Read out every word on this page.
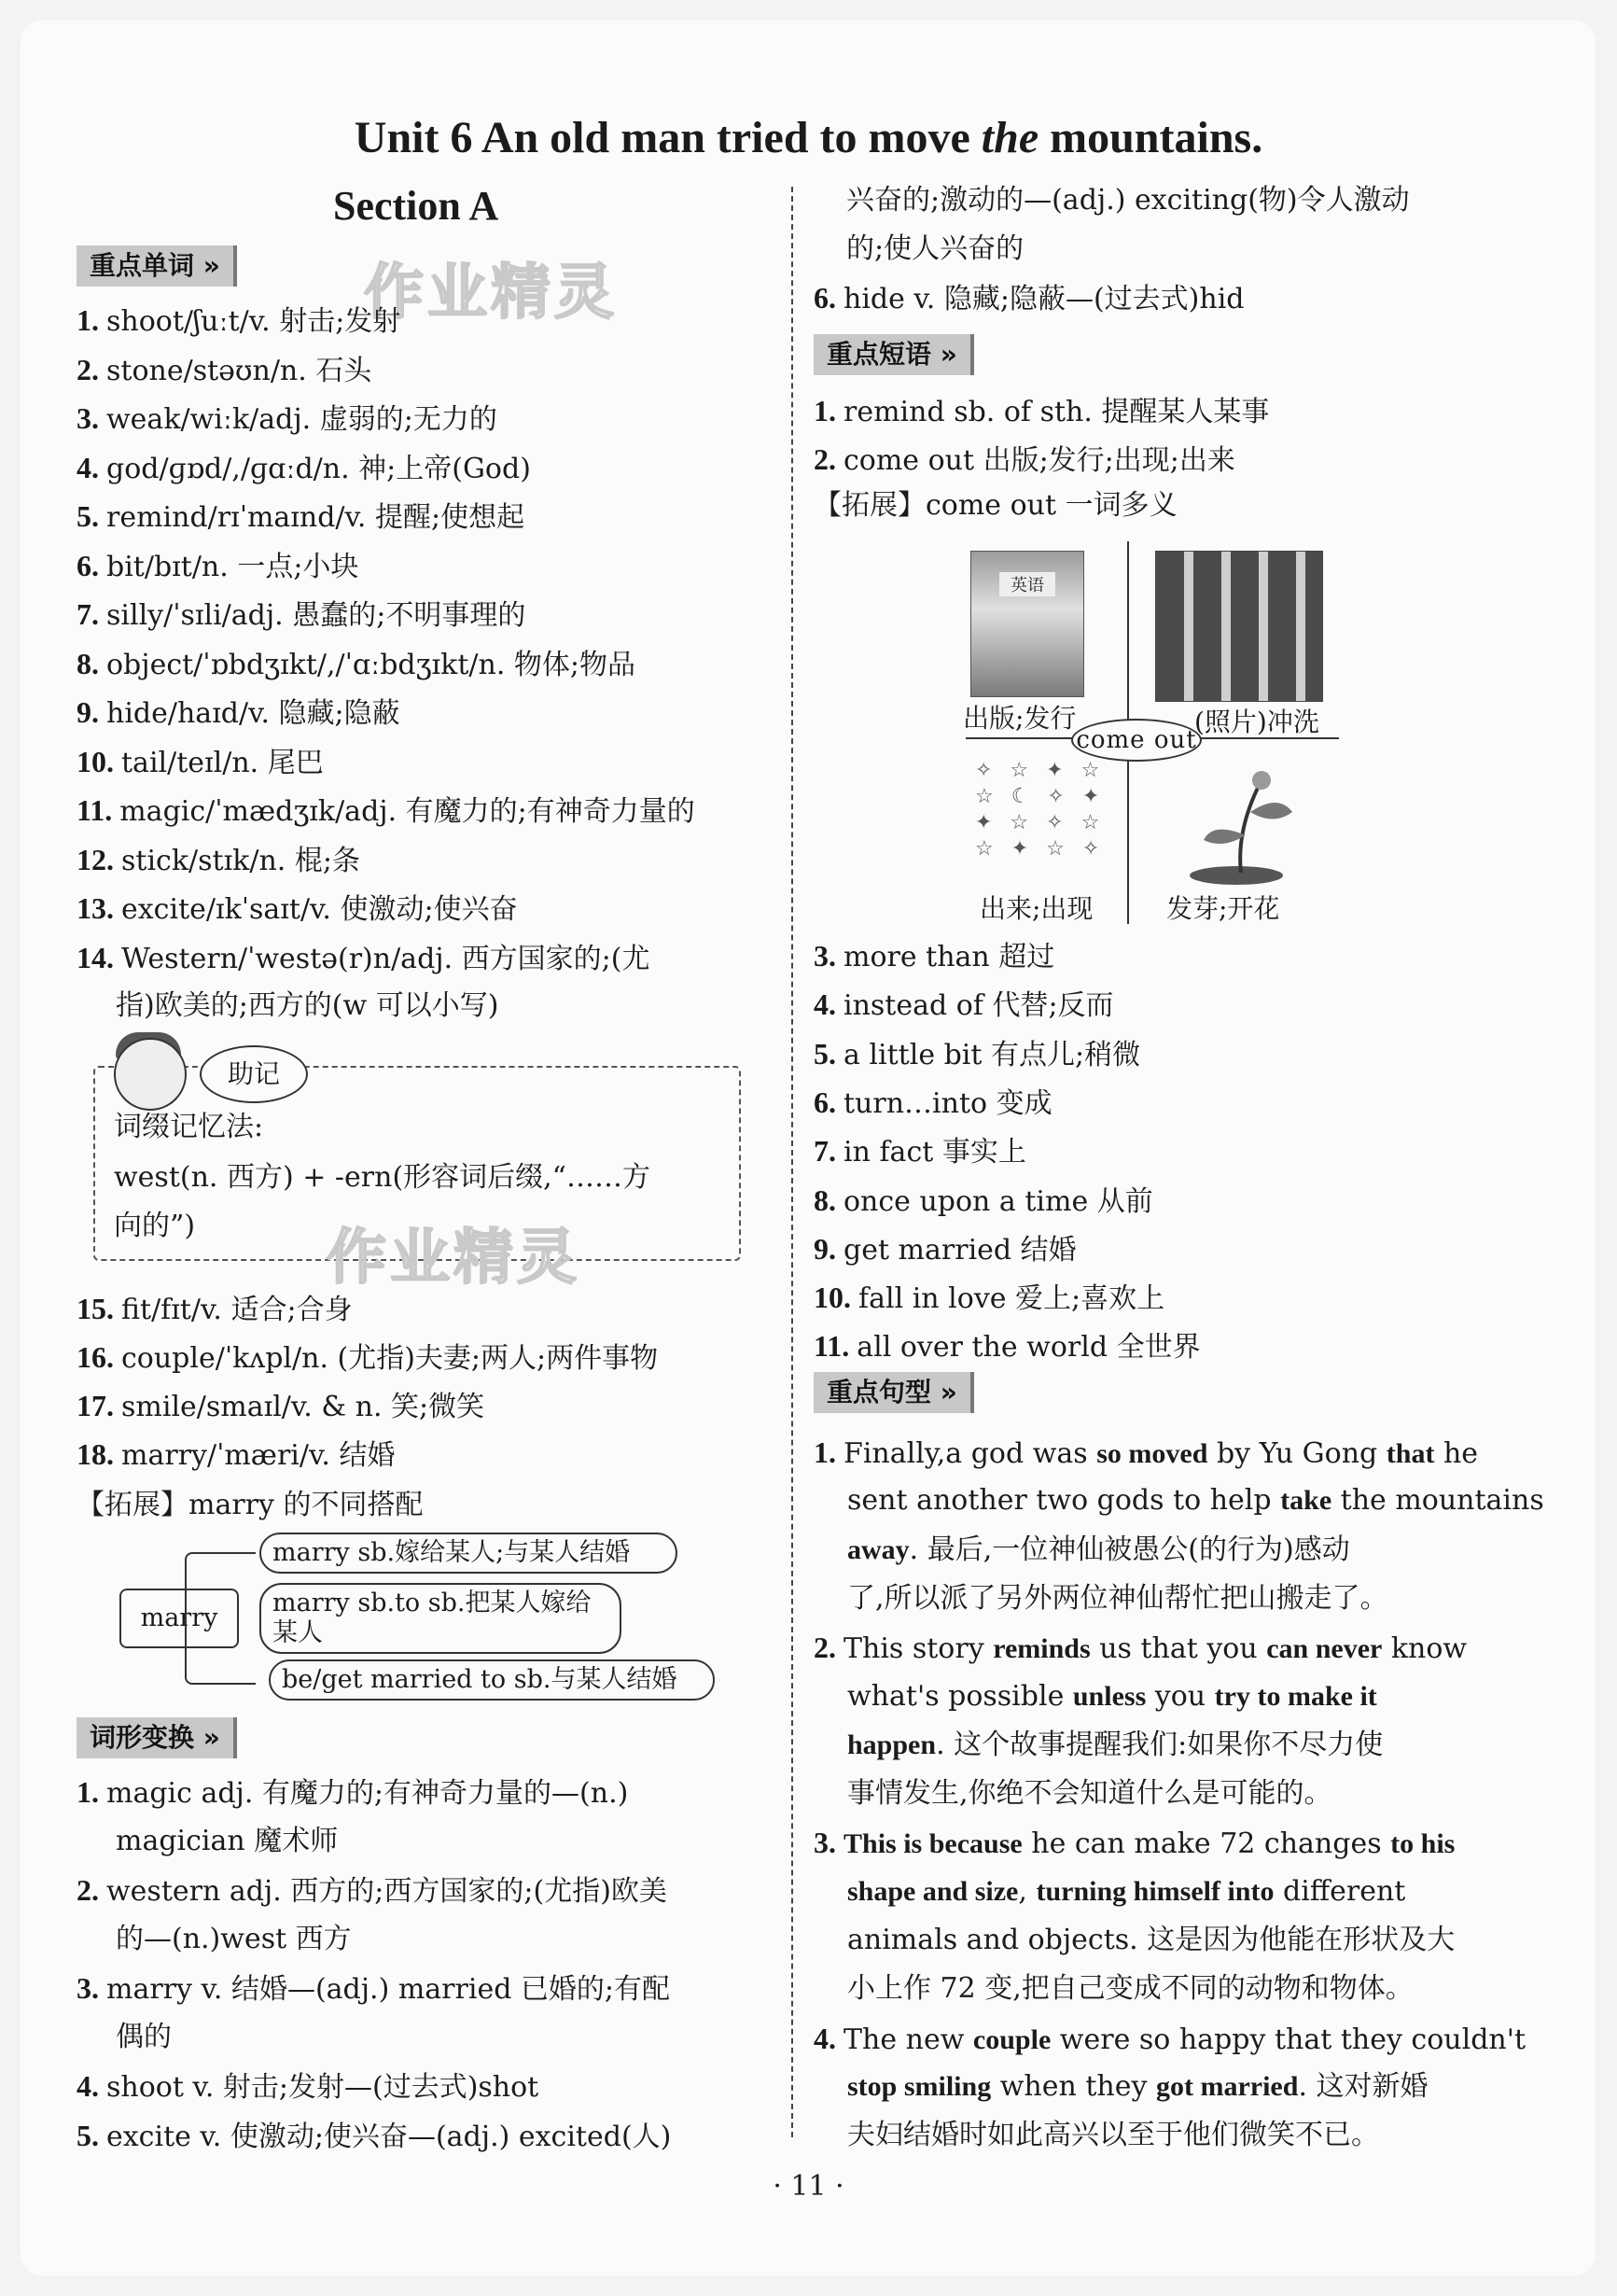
Unit 6 An old man tried to move the mountains.
Section A
重点单词 » 作业精灵
1. shoot/ʃuːt/v. 射击;发射
2. stone/stəʊn/n. 石头
3. weak/wiːk/adj. 虚弱的;无力的
4. god/ɡɒd/,/ɡɑːd/n. 神;上帝(God)
5. remind/rɪˈmaɪnd/v. 提醒;使想起
6. bit/bɪt/n. 一点;小块
7. silly/ˈsɪli/adj. 愚蠢的;不明事理的
8. object/ˈɒbdʒɪkt/,/ˈɑːbdʒɪkt/n. 物体;物品
9. hide/haɪd/v. 隐藏;隐蔽
10. tail/teɪl/n. 尾巴
11. magic/ˈmædʒɪk/adj. 有魔力的;有神奇力量的
12. stick/stɪk/n. 棍;条
13. excite/ɪkˈsaɪt/v. 使激动;使兴奋
14. Western/ˈwestə(r)n/adj. 西方国家的;(尤
指)欧美的;西方的(w 可以小写)
助记
词缀记忆法:
west(n. 西方) + -ern(形容词后缀,“……方
向的”) 作业精灵
15. fit/fɪt/v. 适合;合身
16. couple/ˈkʌpl/n. (尤指)夫妻;两人;两件事物
17. smile/smaɪl/v. & n. 笑;微笑
18. marry/ˈmæri/v. 结婚
【拓展】marry 的不同搭配
marry
marry sb.嫁给某人;与某人结婚
marry sb.to sb.把某人嫁给某人
be/get married to sb.与某人结婚
词形变换 »
1. magic adj. 有魔力的;有神奇力量的—(n.)
magician 魔术师
2. western adj. 西方的;西方国家的;(尤指)欧美
的—(n.)west 西方
3. marry v. 结婚—(adj.) married 已婚的;有配
偶的
4. shoot v. 射击;发射—(过去式)shot
5. excite v. 使激动;使兴奋—(adj.) excited(人)
兴奋的;激动的—(adj.) exciting(物)令人激动
的;使人兴奋的
6. hide v. 隐藏;隐蔽—(过去式)hid
重点短语 »
1. remind sb. of sth. 提醒某人某事
2. come out 出版;发行;出现;出来
【拓展】come out 一词多义
英语
出版;发行	(照片)冲洗
come out
✧ ☆ ✦ ☆
☆ ☾ ✧ ✦
✦ ☆ ✧ ☆
☆ ✦ ☆ ✧
出来;出现	发芽;开花
3. more than 超过
4. instead of 代替;反而
5. a little bit 有点儿;稍微
6. turn…into 变成
7. in fact 事实上
8. once upon a time 从前
9. get married 结婚
10. fall in love 爱上;喜欢上
11. all over the world 全世界
重点句型 »
1. Finally,a god was so moved by Yu Gong that he
sent another two gods to help take the mountains
away. 最后,一位神仙被愚公(的行为)感动
了,所以派了另外两位神仙帮忙把山搬走了。
2. This story reminds us that you can never know
what's possible unless you try to make it
happen. 这个故事提醒我们:如果你不尽力使
事情发生,你绝不会知道什么是可能的。
3. This is because he can make 72 changes to his
shape and size, turning himself into different
animals and objects. 这是因为他能在形状及大
小上作 72 变,把自己变成不同的动物和物体。
4. The new couple were so happy that they couldn't
stop smiling when they got married. 这对新婚
夫妇结婚时如此高兴以至于他们微笑不已。
· 11 ·
